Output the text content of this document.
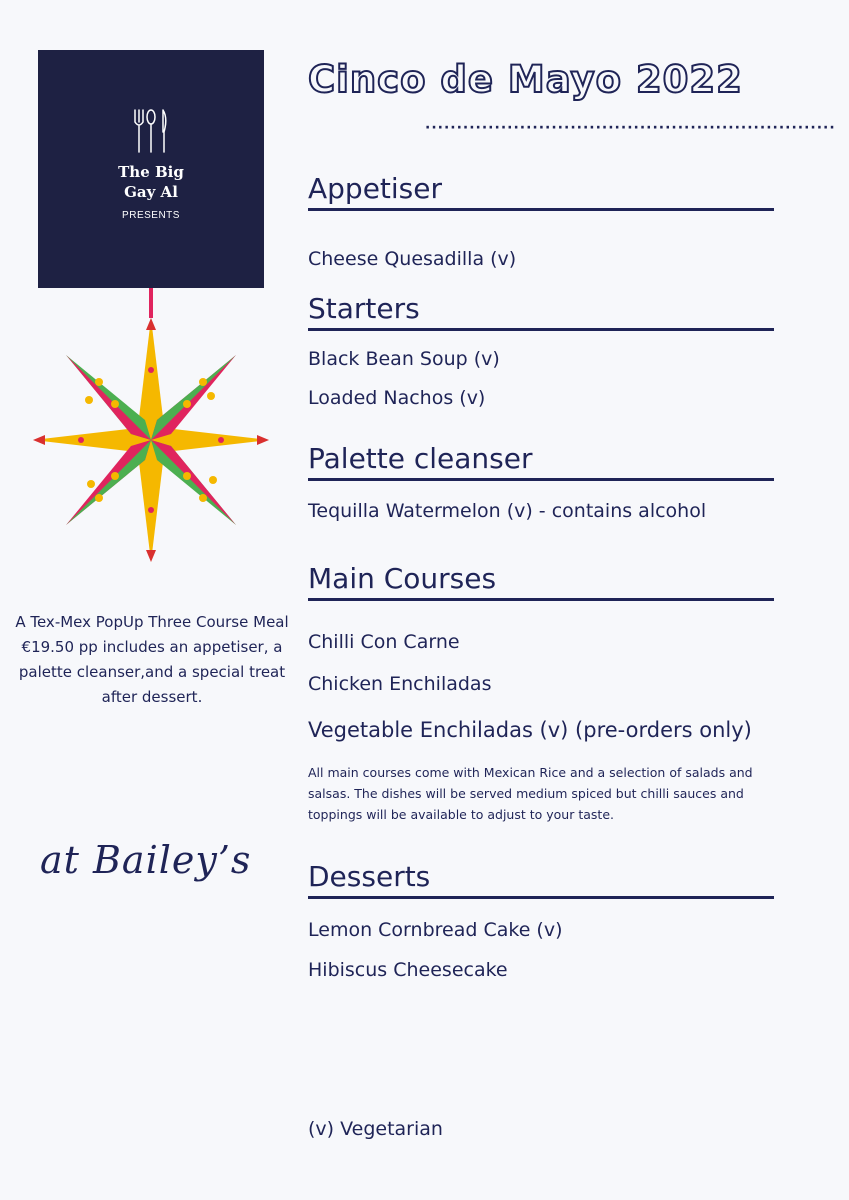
The Big
Gay Al
PRESENTS
A Tex-Mex PopUp Three Course Meal €19.50 pp includes an appetiser, a palette cleanser,and a special treat after dessert.
at Bailey’s
Cinco de Mayo 2022
·································································
Appetiser
Cheese Quesadilla (v)
Starters
Black Bean Soup (v)
Loaded Nachos (v)
Palette cleanser
Tequilla Watermelon (v) - contains alcohol
Main Courses
Chilli Con Carne
Chicken Enchiladas
Vegetable Enchiladas (v) (pre-orders only)
All main courses come with Mexican Rice and a selection of salads and salsas. The dishes will be served medium spiced but chilli sauces and toppings will be available to adjust to your taste.
Desserts
Lemon Cornbread Cake (v)
Hibiscus Cheesecake
(v) Vegetarian
